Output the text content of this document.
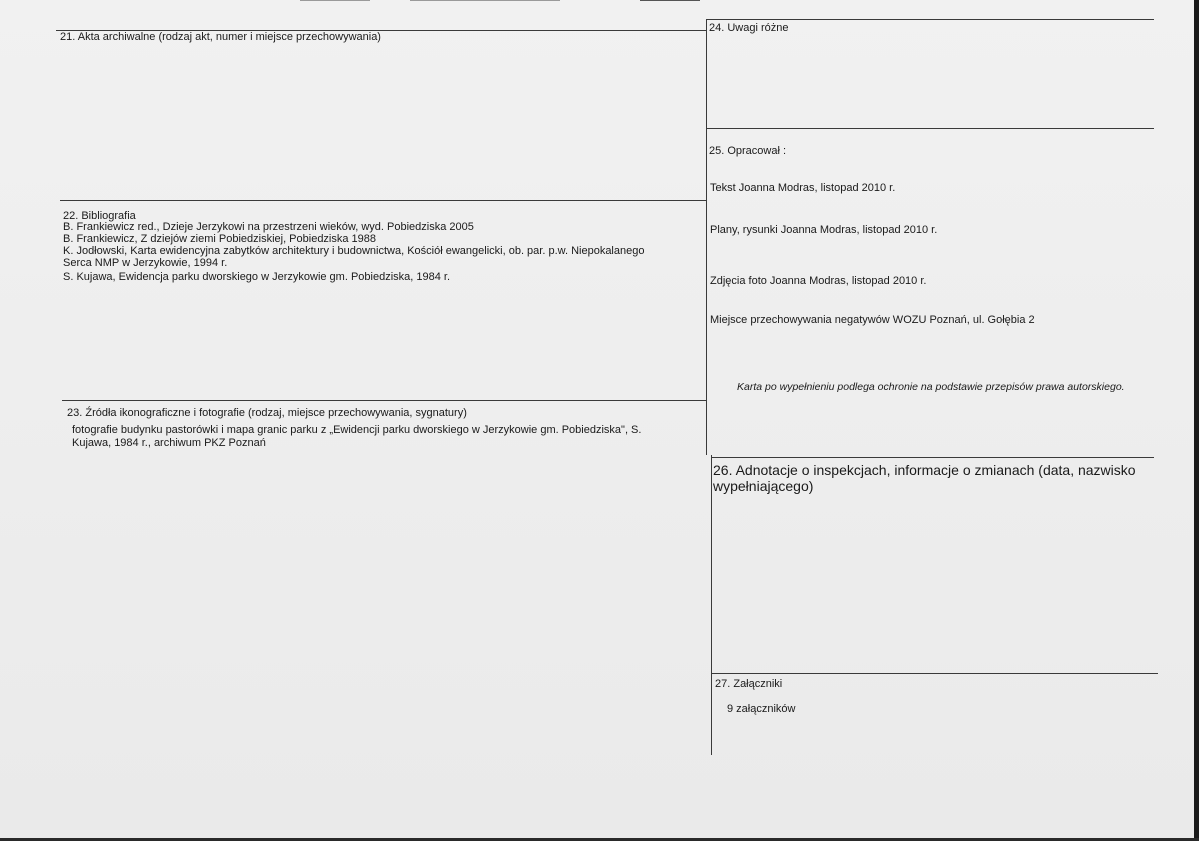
21. Akta archiwalne (rodzaj akt, numer i miejsce przechowywania)
22. Bibliografia
B. Frankiewicz red., Dzieje Jerzykowi na przestrzeni wieków, wyd. Pobiedziska 2005
B. Frankiewicz, Z dziejów ziemi Pobiedziskiej, Pobiedziska 1988
K. Jodłowski, Karta ewidencyjna zabytków architektury i budownictwa, Kościół ewangelicki, ob. par. p.w. Niepokalanego
Serca NMP w Jerzykowie, 1994 r.
S. Kujawa, Ewidencja parku dworskiego w Jerzykowie gm. Pobiedziska, 1984 r.
23. Źródła ikonograficzne i fotografie (rodzaj, miejsce przechowywania, sygnatury)
fotografie budynku pastorówki i mapa granic parku z „Ewidencji parku dworskiego w Jerzykowie gm. Pobiedziska", S.
Kujawa, 1984 r., archiwum PKZ Poznań
24. Uwagi różne
25. Opracował :
Tekst Joanna Modras, listopad 2010 r.
Plany, rysunki Joanna Modras, listopad 2010 r.
Zdjęcia foto Joanna Modras, listopad 2010 r.
Miejsce przechowywania negatywów WOZU Poznań, ul. Gołębia 2
Karta po wypełnieniu podlega ochronie na podstawie przepisów prawa autorskiego.
26. Adnotacje o inspekcjach, informacje o zmianach (data, nazwisko wypełniającego)
27. Załączniki
9 załączników
